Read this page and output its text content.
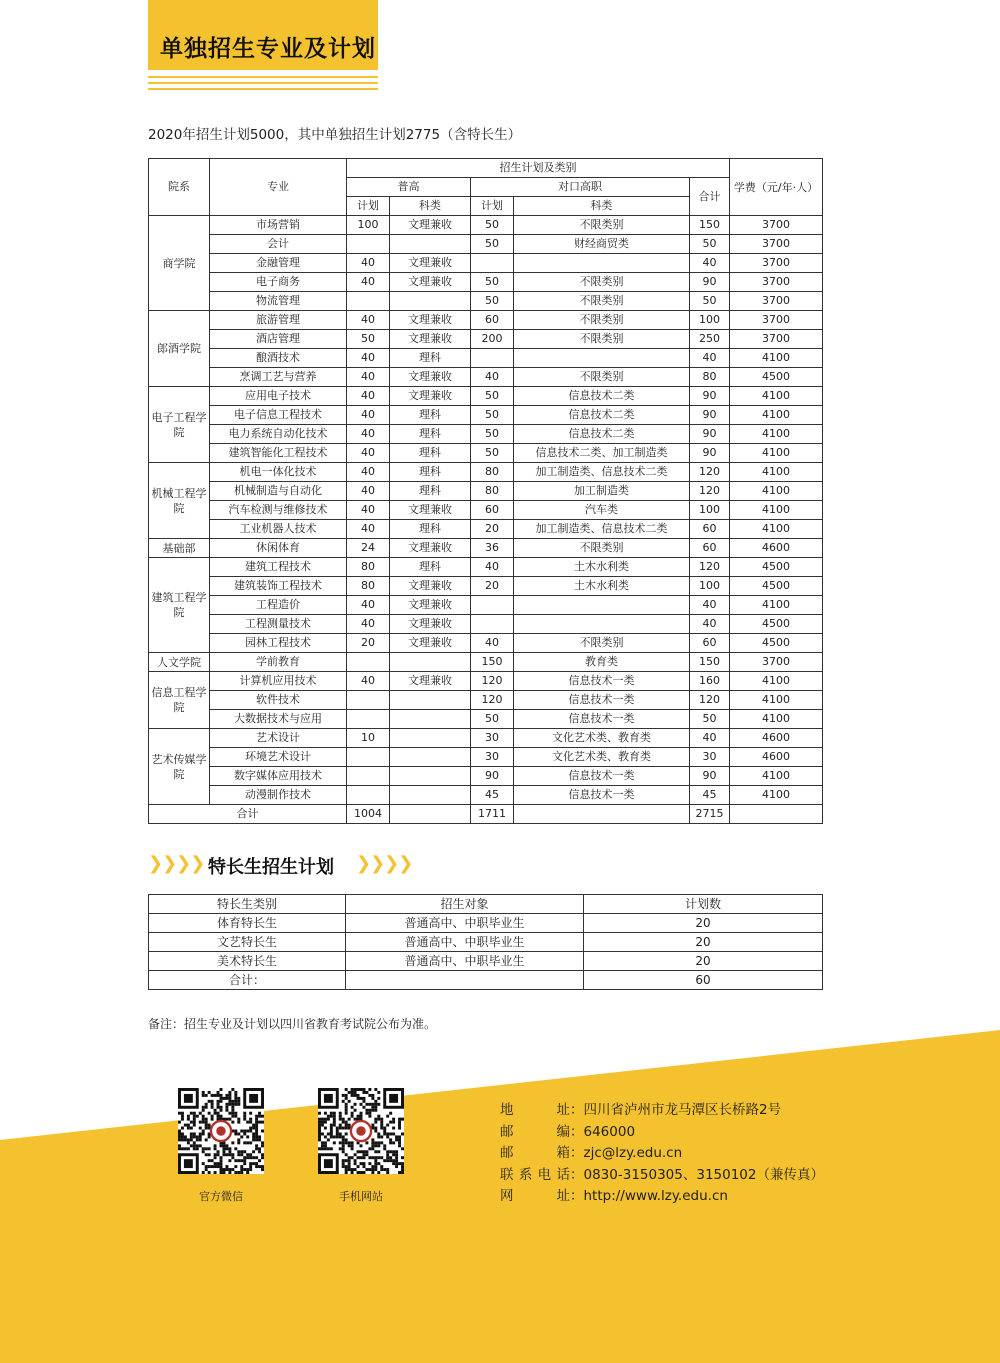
单独招生专业及计划
2020年招生计划5000，其中单独招生计划2775（含特长生）
院系	专业	招生计划及类别					学费（元/年·人）
		普高		对口高职		合计	
		计划	科类	计划	科类		
商学院	市场营销	100	文理兼收	50	不限类别	150	3700
	会计			50	财经商贸类	50	3700
	金融管理	40	文理兼收			40	3700
	电子商务	40	文理兼收	50	不限类别	90	3700
	物流管理			50	不限类别	50	3700
郎酒学院	旅游管理	40	文理兼收	60	不限类别	100	3700
	酒店管理	50	文理兼收	200	不限类别	250	3700
	酿酒技术	40	理科			40	4100
	烹调工艺与营养	40	文理兼收	40	不限类别	80	4500
电子工程学院	应用电子技术	40	文理兼收	50	信息技术二类	90	4100
	电子信息工程技术	40	理科	50	信息技术二类	90	4100
	电力系统自动化技术	40	理科	50	信息技术二类	90	4100
	建筑智能化工程技术	40	理科	50	信息技术二类、加工制造类	90	4100
机械工程学院	机电一体化技术	40	理科	80	加工制造类、信息技术二类	120	4100
	机械制造与自动化	40	理科	80	加工制造类	120	4100
	汽车检测与维修技术	40	文理兼收	60	汽车类	100	4100
	工业机器人技术	40	理科	20	加工制造类、信息技术二类	60	4100
基础部	休闲体育	24	文理兼收	36	不限类别	60	4600
建筑工程学院	建筑工程技术	80	理科	40	土木水利类	120	4500
	建筑装饰工程技术	80	文理兼收	20	土木水利类	100	4500
	工程造价	40	文理兼收			40	4100
	工程测量技术	40	文理兼收			40	4500
	园林工程技术	20	文理兼收	40	不限类别	60	4500
人文学院	学前教育			150	教育类	150	3700
信息工程学院	计算机应用技术	40	文理兼收	120	信息技术一类	160	4100
	软件技术			120	信息技术一类	120	4100
	大数据技术与应用			50	信息技术一类	50	4100
艺术传媒学院	艺术设计	10		30	文化艺术类、教育类	40	4600
	环境艺术设计			30	文化艺术类、教育类	30	4600
	数字媒体应用技术			90	信息技术一类	90	4100
	动漫制作技术			45	信息技术一类	45	4100
合计		1004		1711		2715	
❯❯❯❯ 特长生招生计划 ❯❯❯❯
特长生类别	招生对象	计划数
体育特长生	普通高中、中职毕业生	20
文艺特长生	普通高中、中职毕业生	20
美术特长生	普通高中、中职毕业生	20
合计：		60
备注：招生专业及计划以四川省教育考试院公布为准。
官方微信	手机网站
地址：四川省泸州市龙马潭区长桥路2号
邮编：646000
邮箱：zjc@lzy.edu.cn
联系电话：0830-3150305、3150102（兼传真）
网址：http://www.lzy.edu.cn
